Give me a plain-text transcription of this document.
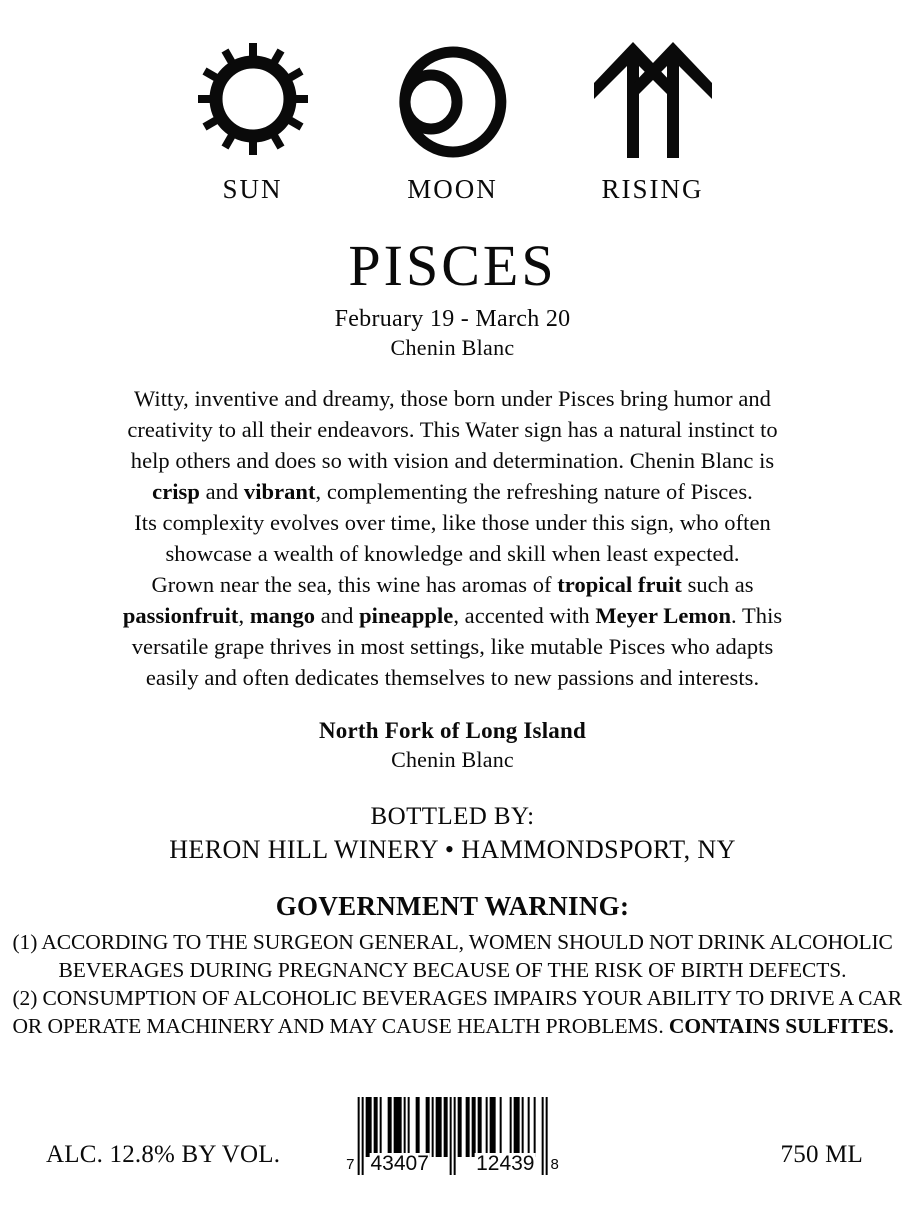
SUN	MOON	RISING
PISCES
February 19 - March 20
Chenin Blanc
Witty, inventive and dreamy, those born under Pisces bring humor and
creativity to all their endeavors. This Water sign has a natural instinct to
help others and does so with vision and determination. Chenin Blanc is
crisp and vibrant, complementing the refreshing nature of Pisces.
Its complexity evolves over time, like those under this sign, who often
showcase a wealth of knowledge and skill when least expected.
Grown near the sea, this wine has aromas of tropical fruit such as
passionfruit, mango and pineapple, accented with Meyer Lemon. This
versatile grape thrives in most settings, like mutable Pisces who adapts
easily and often dedicates themselves to new passions and interests.
North Fork of Long Island
Chenin Blanc
BOTTLED BY:
HERON HILL WINERY • HAMMONDSPORT, NY
GOVERNMENT WARNING:
(1) ACCORDING TO THE SURGEON GENERAL, WOMEN SHOULD NOT DRINK ALCOHOLIC
BEVERAGES DURING PREGNANCY BECAUSE OF THE RISK OF BIRTH DEFECTS.
(2) CONSUMPTION OF ALCOHOLIC BEVERAGES IMPAIRS YOUR ABILITY TO DRIVE A CAR
OR OPERATE MACHINERY AND MAY CAUSE HEALTH PROBLEMS. CONTAINS SULFITES.
ALC. 12.8% BY VOL.	7 43407 12439 8	750 ML
